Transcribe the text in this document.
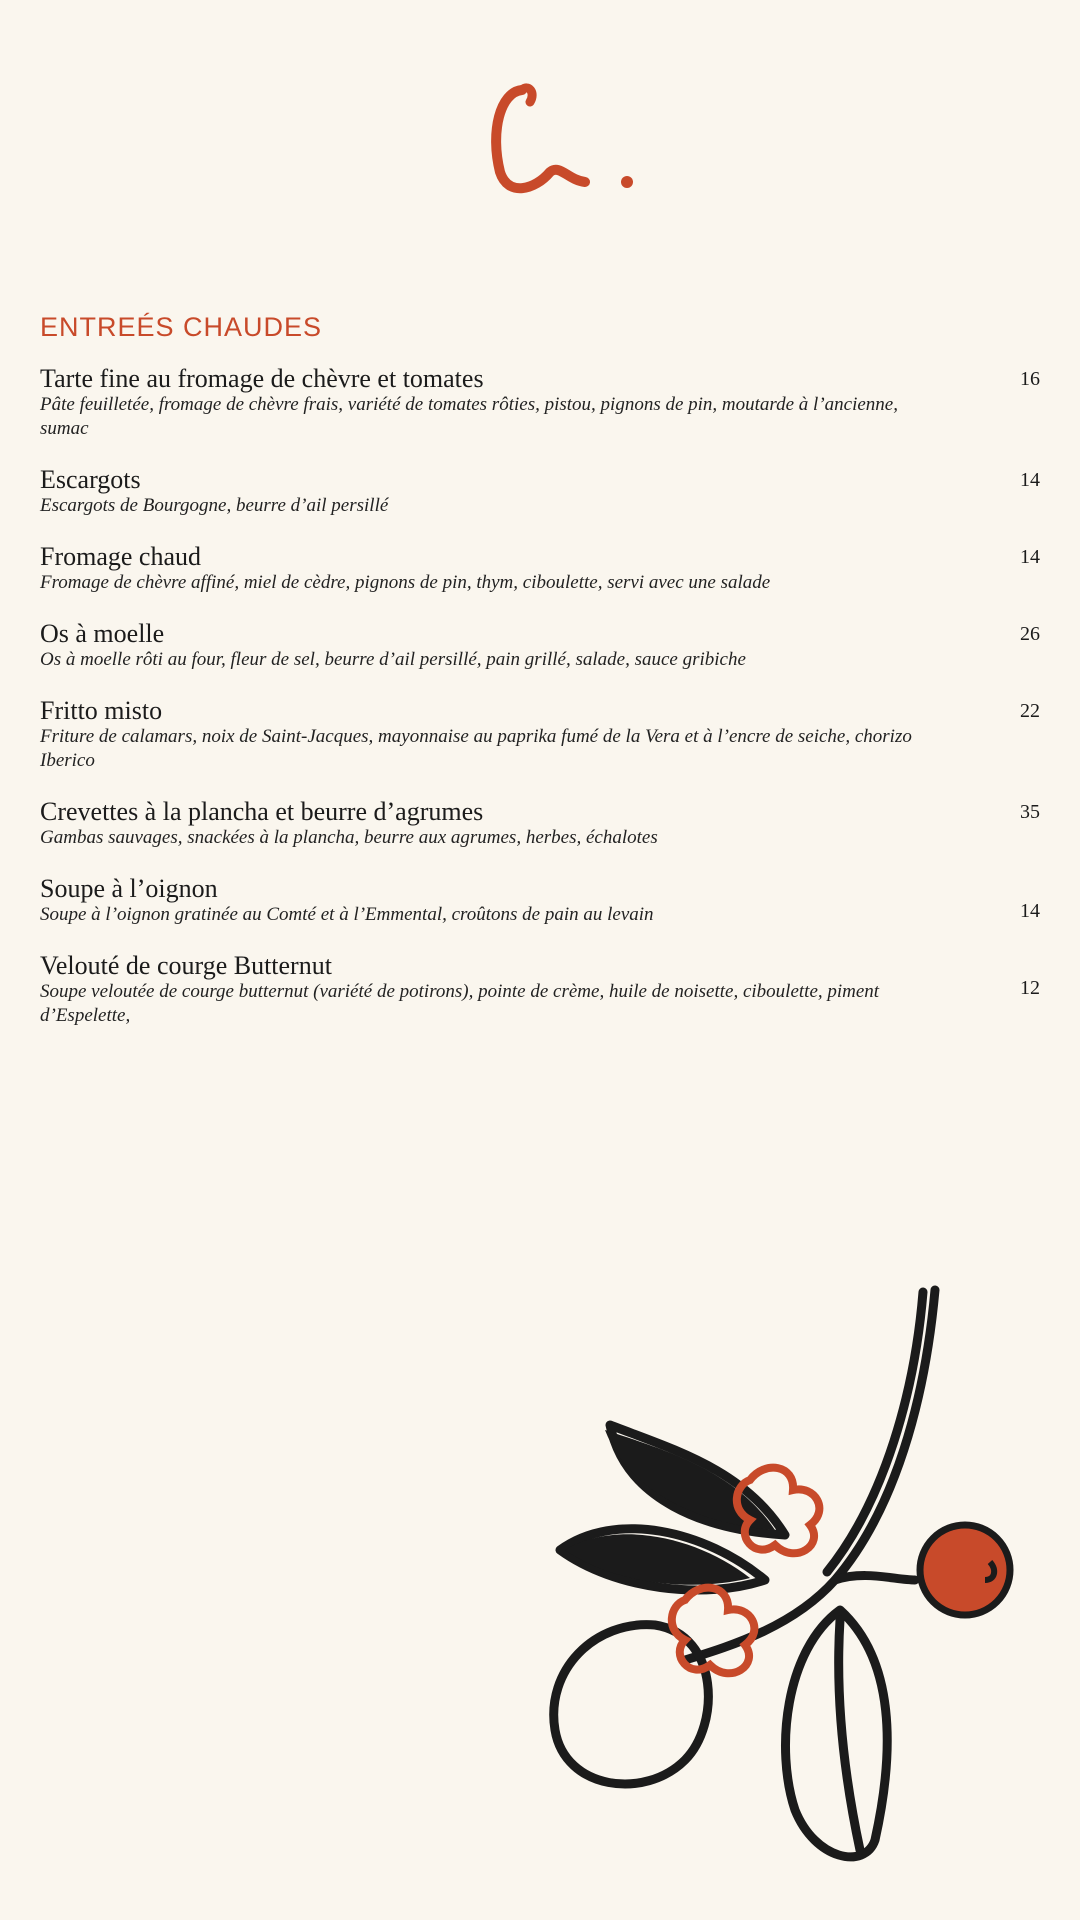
ENTREÉS CHAUDES
Tarte fine au fromage de chèvre et tomates
Pâte feuilletée, fromage de chèvre frais, variété de tomates rôties, pistou, pignons de pin, moutarde à l’ancienne, sumac
16
Escargots
Escargots de Bourgogne, beurre d’ail persillé
14
Fromage chaud
Fromage de chèvre affiné, miel de cèdre, pignons de pin, thym, ciboulette, servi avec une salade
14
Os à moelle
Os à moelle rôti au four, fleur de sel, beurre d’ail persillé, pain grillé, salade, sauce gribiche
26
Fritto misto
Friture de calamars, noix de Saint-Jacques, mayonnaise au paprika fumé de la Vera et à l’encre de seiche, chorizo Iberico
22
Crevettes à la plancha et beurre d’agrumes
Gambas sauvages, snackées à la plancha, beurre aux agrumes, herbes, échalotes
35
Soupe à l’oignon
Soupe à l’oignon gratinée au Comté et à l’Emmental, croûtons de pain au levain	14
Velouté de courge Butternut
Soupe veloutée de courge butternut (variété de potirons), pointe de crème, huile de noisette, ciboulette, piment d’Espelette,
12
